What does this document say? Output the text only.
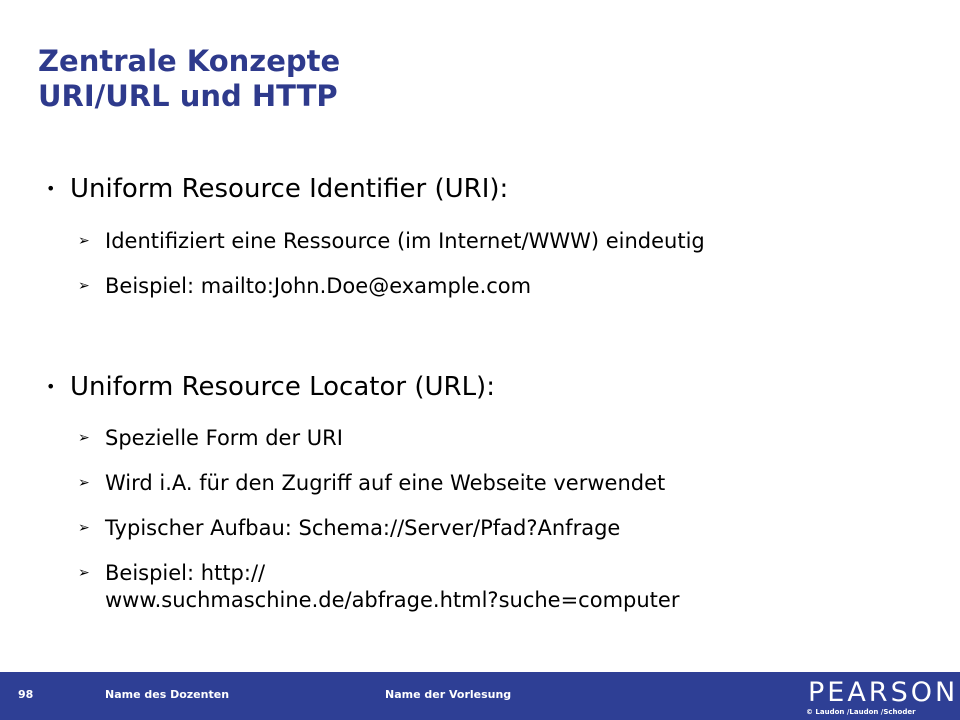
Zentrale Konzepte
URI/URL und HTTP
• Uniform Resource Identifier (URI):
➢ Identifiziert eine Ressource (im Internet/WWW) eindeutig
➢ Beispiel: mailto:John.Doe@example.com
• Uniform Resource Locator (URL):
➢ Spezielle Form der URI
➢ Wird i.A. für den Zugriff auf eine Webseite verwendet
➢ Typischer Aufbau: Schema://Server/Pfad?Anfrage
➢ Beispiel: http://
www.suchmaschine.de/abfrage.html?suche=computer
98	Name des Dozenten	Name der Vorlesung	PEARSON
© Laudon /Laudon /Schoder
